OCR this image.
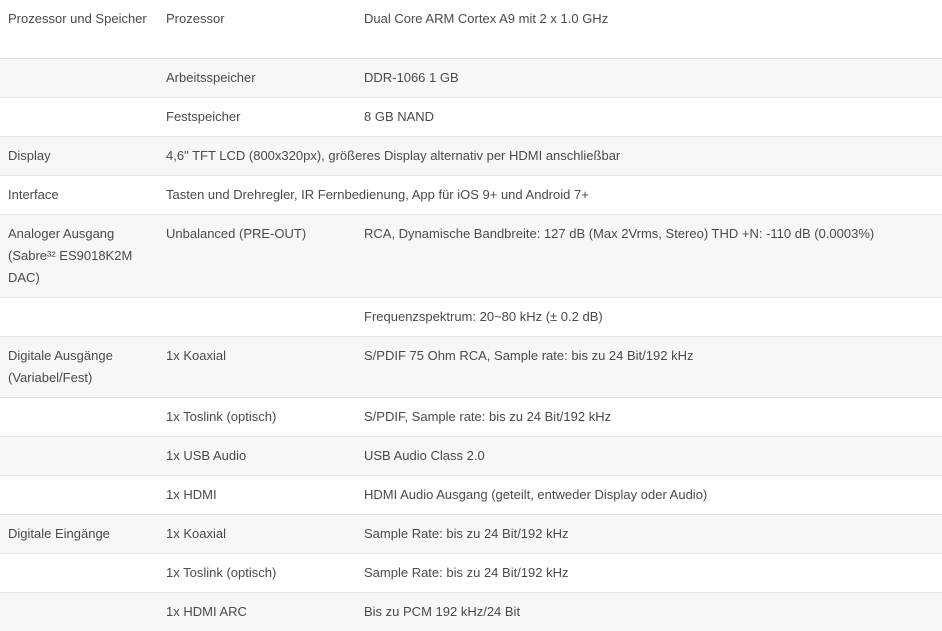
Prozessor und Speicher	Prozessor	Dual Core ARM Cortex A9 mit 2 x 1.0 GHz
	Arbeitsspeicher	DDR-1066 1 GB
	Festspeicher	8 GB NAND
Display	4,6" TFT LCD (800x320px), größeres Display alternativ per HDMI anschließbar	
Interface	Tasten und Drehregler, IR Fernbedienung, App für iOS 9+ und Android 7+	
Analoger Ausgang (Sabre³² ES9018K2M DAC)	Unbalanced (PRE-OUT)	RCA, Dynamische Bandbreite: 127 dB (Max 2Vrms, Stereo) THD +N: -110 dB (0.0003%)
		Frequenzspektrum: 20~80 kHz (± 0.2 dB)
Digitale Ausgänge (Variabel/Fest)	1x Koaxial	S/PDIF 75 Ohm RCA, Sample rate: bis zu 24 Bit/192 kHz
	1x Toslink (optisch)	S/PDIF, Sample rate: bis zu 24 Bit/192 kHz
	1x USB Audio	USB Audio Class 2.0
	1x HDMI	HDMI Audio Ausgang (geteilt, entweder Display oder Audio)
Digitale Eingänge	1x Koaxial	Sample Rate: bis zu 24 Bit/192 kHz
	1x Toslink (optisch)	Sample Rate: bis zu 24 Bit/192 kHz
	1x HDMI ARC	Bis zu PCM 192 kHz/24 Bit
